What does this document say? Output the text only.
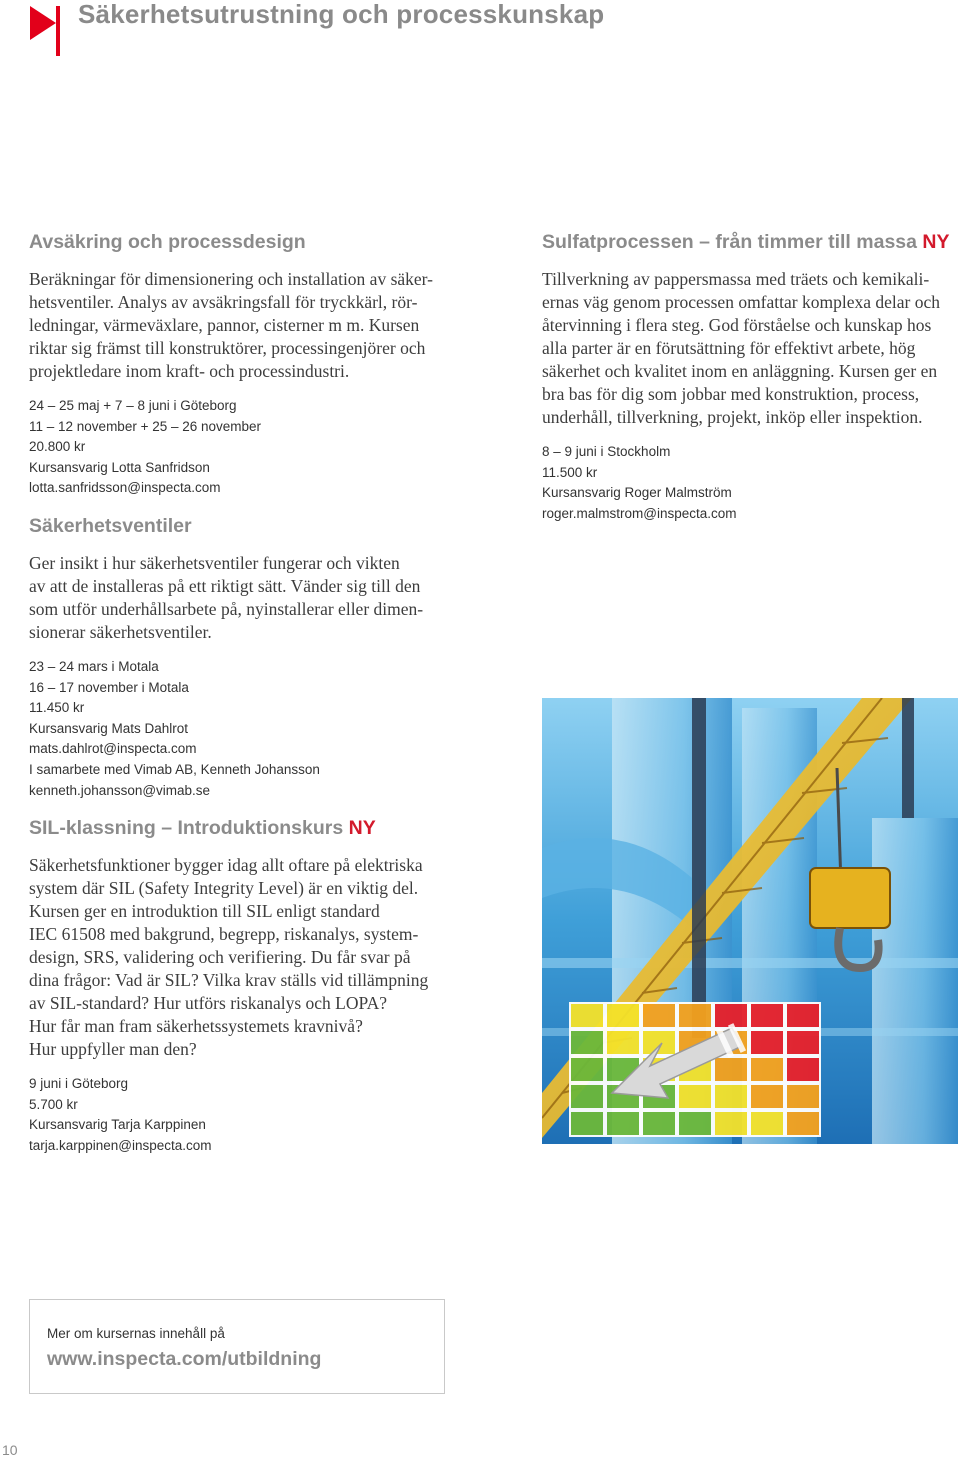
Säkerhetsutrustning och processkunskap
Avsäkring och processdesign

Beräkningar för dimensionering och installation av säker-
hetsventiler. Analys av avsäkringsfall för tryckkärl, rör-
ledningar, värmeväxlare, pannor, cisterner m m. Kursen
riktar sig främst till konstruktörer, processingenjörer och
projektledare inom kraft- och processindustri.

24 – 25 maj + 7 – 8 juni i Göteborg
11 – 12 november + 25 – 26 november
20.800 kr
Kursansvarig Lotta Sanfridson
lotta.sanfridsson@inspecta.com
Säkerhetsventiler

Ger insikt i hur säkerhetsventiler fungerar och vikten
av att de installeras på ett riktigt sätt. Vänder sig till den
som utför underhållsarbete på, nyinstallerar eller dimen-
sionerar säkerhetsventiler.

23 – 24 mars i Motala
16 – 17 november i Motala
11.450 kr
Kursansvarig Mats Dahlrot
mats.dahlrot@inspecta.com
I samarbete med Vimab AB, Kenneth Johansson
kenneth.johansson@vimab.se
SIL-klassning – Introduktionskurs NY

Säkerhetsfunktioner bygger idag allt oftare på elektriska
system där SIL (Safety Integrity Level) är en viktig del.
Kursen ger en introduktion till SIL enligt standard
IEC 61508 med bakgrund, begrepp, riskanalys, system-
design, SRS, validering och verifiering. Du får svar på
dina frågor: Vad är SIL? Vilka krav ställs vid tillämpning
av SIL-standard? Hur utförs riskanalys och LOPA?
Hur får man fram säkerhetssystemets kravnivå?
Hur uppfyller man den?

9 juni i Göteborg
5.700 kr
Kursansvarig Tarja Karppinen
tarja.karppinen@inspecta.com
Sulfatprocessen – från timmer till massa NY

Tillverkning av pappersmassa med träets och kemikali-
ernas väg genom processen omfattar komplexa delar och
återvinning i flera steg. God förståelse och kunskap hos
alla parter är en förutsättning för effektivt arbete, hög
säkerhet och kvalitet inom en anläggning. Kursen ger en
bra bas för dig som jobbar med konstruktion, process,
underhåll, tillverkning, projekt, inköp eller inspektion.

8 – 9 juni i Stockholm
11.500 kr
Kursansvarig Roger Malmström
roger.malmstrom@inspecta.com
Mer om kursernas innehåll på
www.inspecta.com/utbildning
10
